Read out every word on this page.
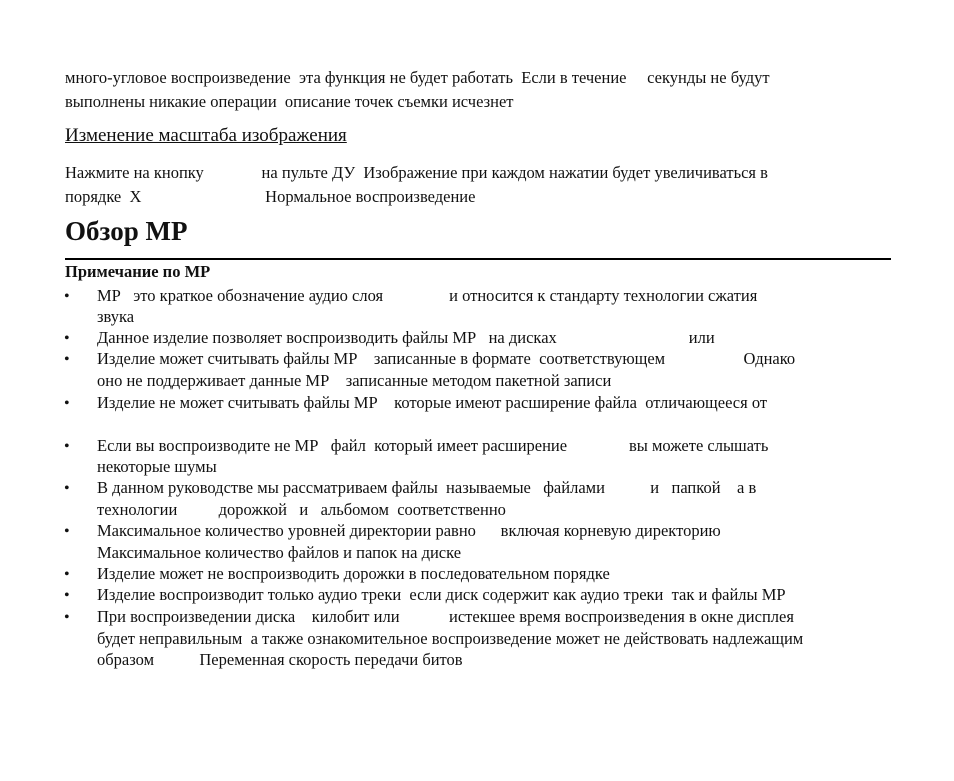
много-угловое воспроизведение  эта функция не будет работать  Если в течение     секунды не будут
выполнены никакие операции  описание точек съемки исчезнет
Изменение масштаба изображения
Нажмите на кнопку              на пульте ДУ  Изображение при каждом нажатии будет увеличиваться в
порядке  X                              Нормальное воспроизведение
Обзор МР
Примечание по МР
• МР   это краткое обозначение аудио слоя                и относится к стандарту технологии сжатия
звука
• Данное изделие позволяет воспроизводить файлы МР   на дисках                                или
• Изделие может считывать файлы МР    записанные в формате  соответствующем                   Однако
оно не поддерживает данные МР    записанные методом пакетной записи
• Изделие не может считывать файлы МР    которые имеют расширение файла  отличающееся от
• Если вы воспроизводите не МР   файл  который имеет расширение               вы можете слышать
некоторые шумы
• В данном руководстве мы рассматриваем файлы  называемые   файлами           и   папкой    а в
технологии          дорожкой   и   альбомом  соответственно
• Максимальное количество уровней директории равно      включая корневую директорию
Максимальное количество файлов и папок на диске
• Изделие может не воспроизводить дорожки в последовательном порядке
• Изделие воспроизводит только аудио треки  если диск содержит как аудио треки  так и файлы МР
• При воспроизведении диска    килобит или            истекшее время воспроизведения в окне дисплея
будет неправильным  а также ознакомительное воспроизведение может не действовать надлежащим
образом           Переменная скорость передачи битов
